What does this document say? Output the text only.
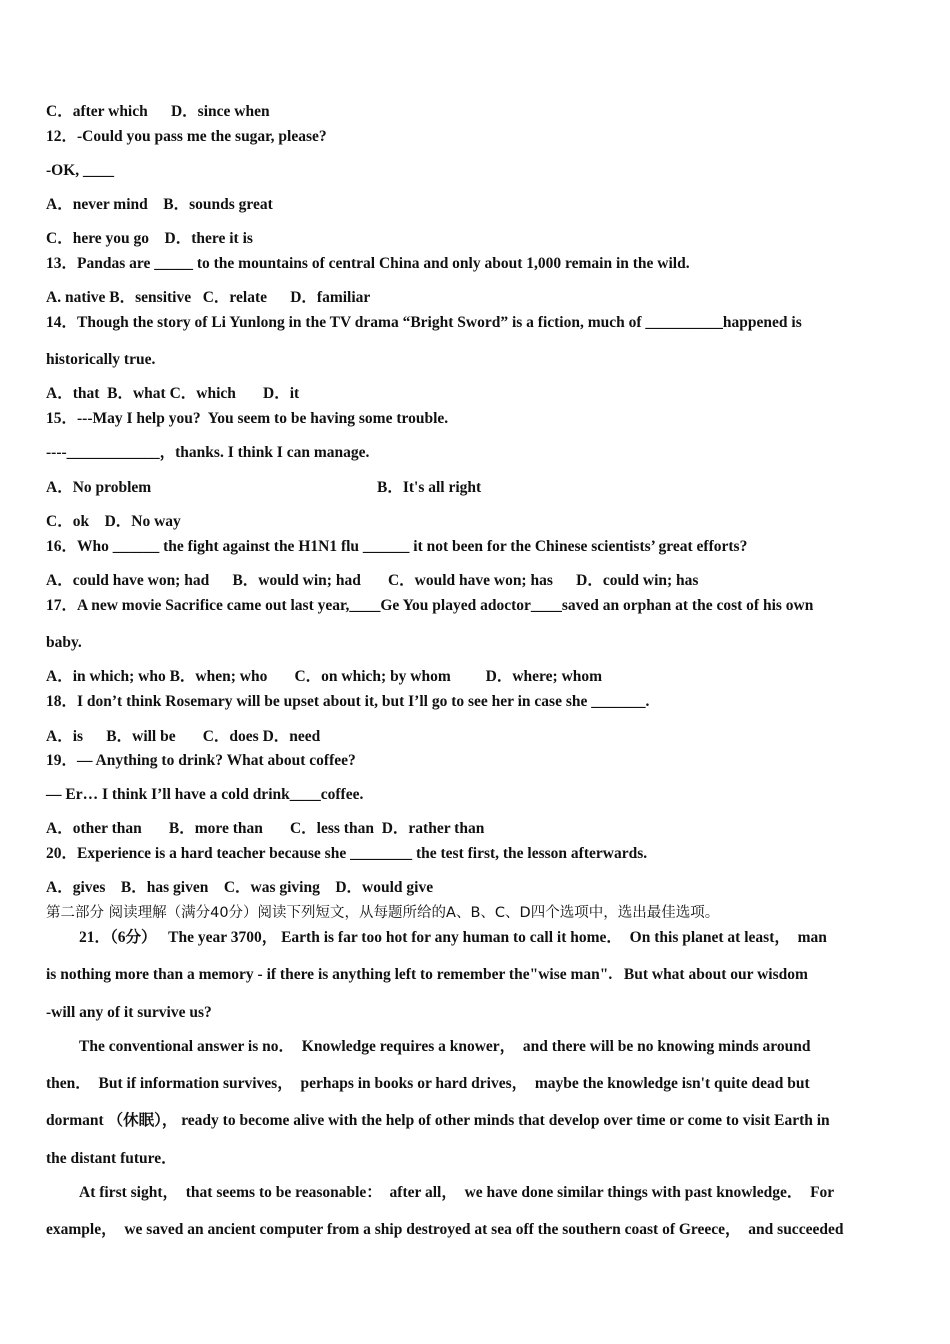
C．after which      D．since when
12．-Could you pass me the sugar, please?
-OK, ____
A．never mind    B．sounds great
C．here you go    D．there it is
13．Pandas are _____ to the mountains of central China and only about 1,000 remain in the wild.
A. native B．sensitive   C．relate      D．familiar
14．Though the story of Li Yunlong in the TV drama “Bright Sword” is a fiction, much of __________happened is
historically true.
A．that  B．what C．which       D．it
15．---May I help you?  You seem to be having some trouble.
----____________，thanks. I think I can manage.
A．No problem	B．It's all right
C．ok    D．No way
16．Who ______ the fight against the H1N1 flu ______ it not been for the Chinese scientists’ great efforts?
A．could have won; had      B．would win; had       C．would have won; has      D．could win; has
17．A new movie Sacrifice came out last year,____Ge You played adoctor____saved an orphan at the cost of his own
baby.
A．in which; who B．when; who       C．on which; by whom         D．where; whom
18．I don’t think Rosemary will be upset about it, but I’ll go to see her in case she _______.
A．is      B．will be       C．does D．need
19．— Anything to drink? What about coffee?
— Er… I think I’ll have a cold drink____coffee.
A．other than       B．more than       C．less than  D．rather than
20．Experience is a hard teacher because she ________ the test first, the lesson afterwards.
A．gives    B．has given    C．was giving    D．would give
第二部分 阅读理解（满分40分）阅读下列短文，从每题所给的A、B、C、D四个选项中，选出最佳选项。
21．（6分）   The year 3700， Earth is far too hot for any human to call it home．  On this planet at least，  man
is nothing more than a memory - if there is anything left to remember the"wise man".   But what about our wisdom
-will any of it survive us?
The conventional answer is no．  Knowledge requires a knower，  and there will be no knowing minds around
then．  But if information survives，  perhaps in books or hard drives，  maybe the knowledge isn't quite dead but
dormant （休眠）， ready to become alive with the help of other minds that develop over time or come to visit Earth in
the distant future．
At first sight，  that seems to be reasonable：  after all，  we have done similar things with past knowledge．  For
example，  we saved an ancient computer from a ship destroyed at sea off the southern coast of Greece，  and succeeded
